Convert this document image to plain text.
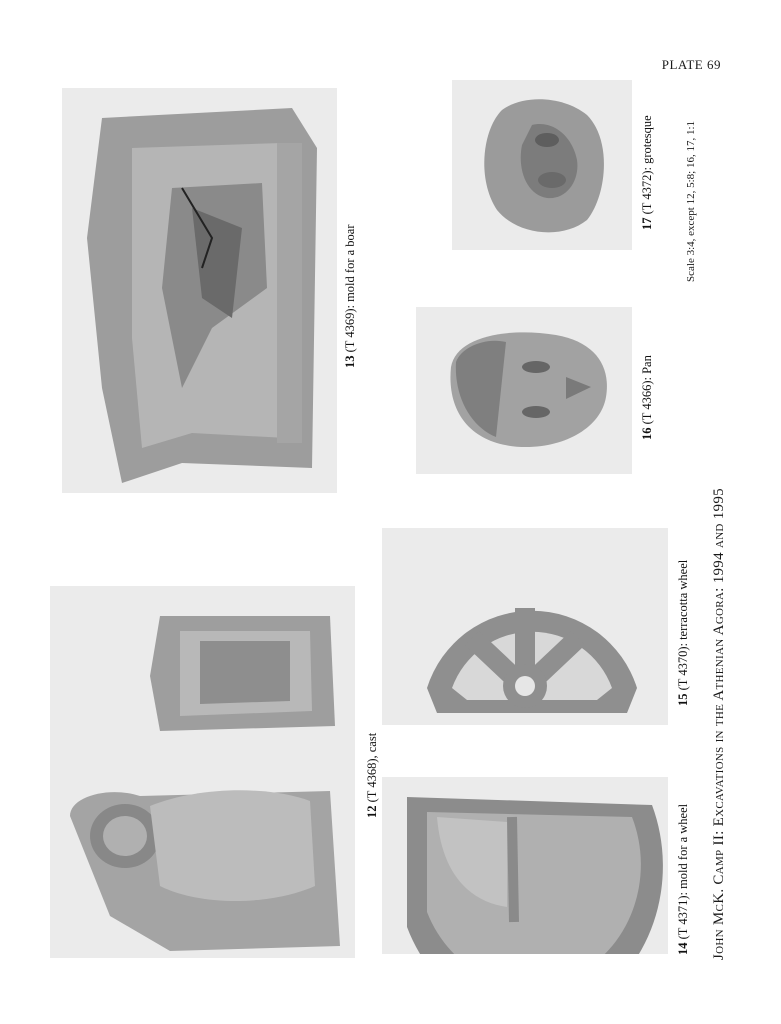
PLATE 69
13 (T 4369): mold for a boar
17 (T 4372): grotesque
16 (T 4366): Pan
12 (T 4368), cast
15 (T 4370): terracotta wheel
14 (T 4371): mold for a wheel
Scale 3:4, except 12, 5:8; 16, 17, 1:1
John McK. Camp II: Excavations in the Athenian Agora: 1994 and 1995
